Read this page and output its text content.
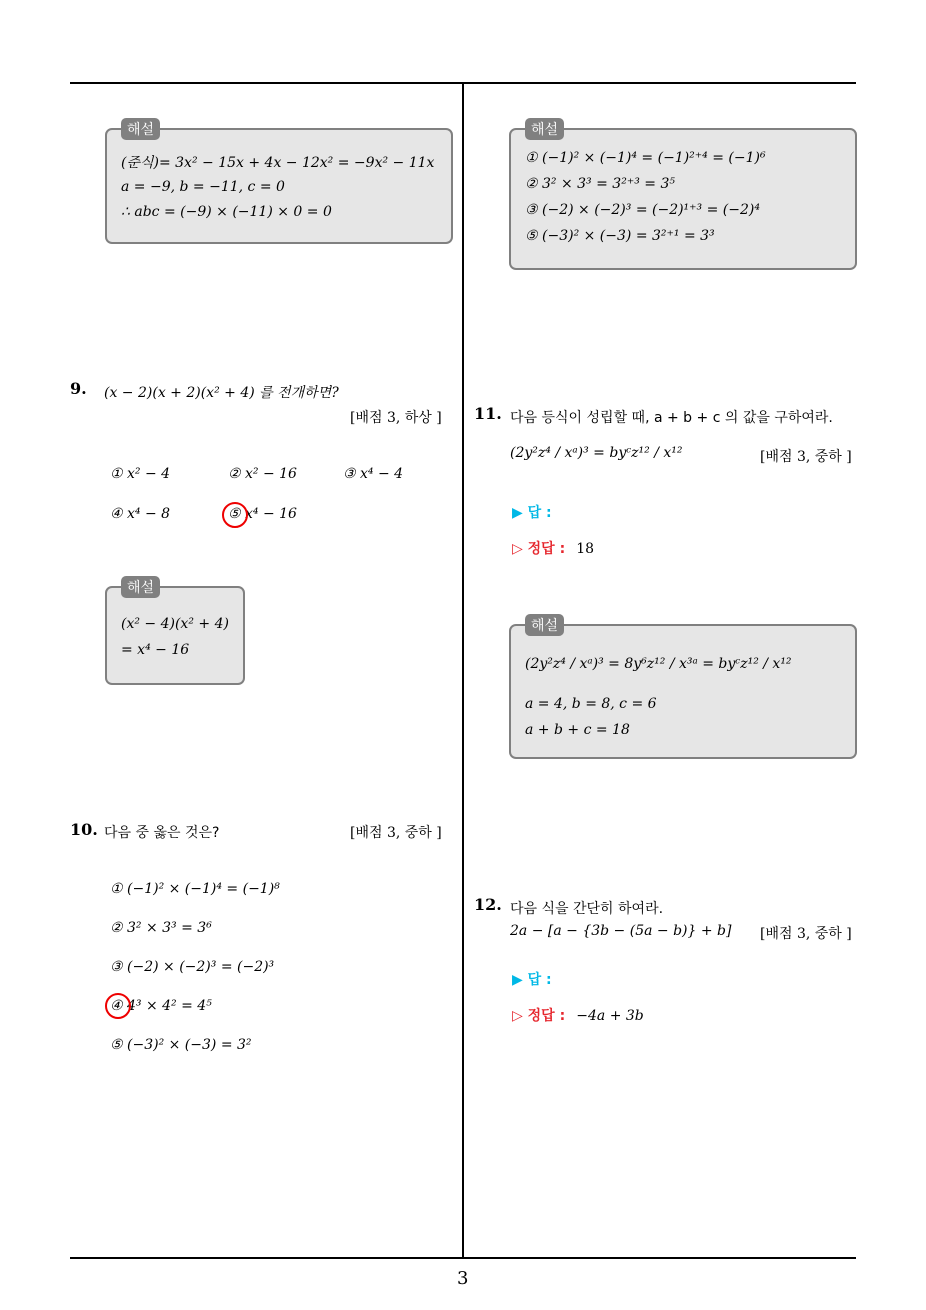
해설
(준식)= 3x² − 15x + 4x − 12x² = −9x² − 11x
a = −9, b = −11, c = 0
∴ abc = (−9) × (−11) × 0 = 0
9. (x − 2)(x + 2)(x² + 4) 를 전개하면?
[배점 3, 하상 ]
① x² − 4	② x² − 16	③ x⁴ − 4
④ x⁴ − 8	⑤ x⁴ − 16
해설
(x² − 4)(x² + 4)
= x⁴ − 16
10. 다음 중 옳은 것은?	[배점 3, 중하 ]
① (−1)² × (−1)⁴ = (−1)⁸
② 3² × 3³ = 3⁶
③ (−2) × (−2)³ = (−2)³
④ 4³ × 4² = 4⁵
⑤ (−3)² × (−3) = 3²
해설
① (−1)² × (−1)⁴ = (−1)²⁺⁴ = (−1)⁶
② 3² × 3³ = 3²⁺³ = 3⁵
③ (−2) × (−2)³ = (−2)¹⁺³ = (−2)⁴
⑤ (−3)² × (−3) = 3²⁺¹ = 3³
11. 다음 등식이 성립할 때, a + b + c 의 값을 구하여라.
(2y²z⁴ / xᵃ)³ = byᶜz¹² / x¹²	[배점 3, 중하 ]
▶ 답 :
▷ 정답 : 18
해설
(2y²z⁴ / xᵃ)³ = 8y⁶z¹² / x³ᵃ = byᶜz¹² / x¹²
a = 4, b = 8, c = 6
a + b + c = 18
12. 다음 식을 간단히 하여라.
2a − [a − {3b − (5a − b)} + b] [배점 3, 중하 ]
▶ 답 :
▷ 정답 : −4a + 3b
3
